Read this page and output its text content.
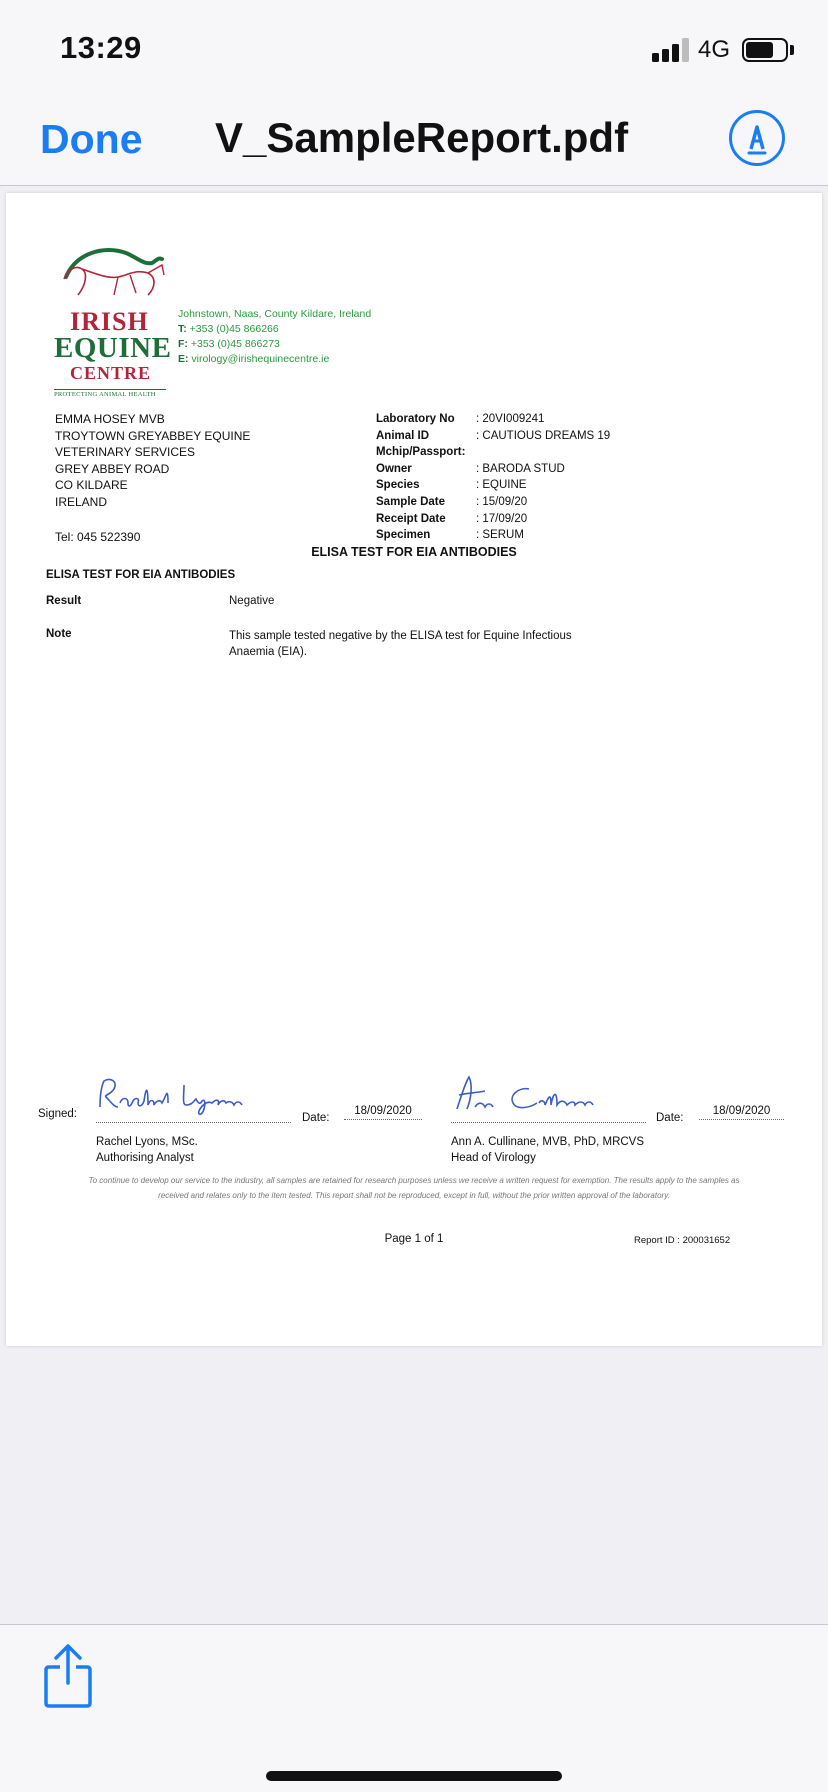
13:29	4G
Done V_SampleReport.pdf
IRISH
EQUINE
CENTRE
PROTECTING ANIMAL HEALTH
Johnstown, Naas, County Kildare, Ireland
T: +353 (0)45 866266
F: +353 (0)45 866273
E: virology@irishequinecentre.ie
EMMA HOSEY MVB
TROYTOWN GREYABBEY EQUINE
VETERINARY SERVICES
GREY ABBEY ROAD
CO KILDARE
IRELAND
Tel: 045 522390
Laboratory No	: 20VI009241
Animal ID	: CAUTIOUS DREAMS 19
Mchip/Passport:
Owner	: BARODA STUD
Species	: EQUINE
Sample Date	: 15/09/20
Receipt Date	: 17/09/20
Specimen	: SERUM
ELISA TEST FOR EIA ANTIBODIES
ELISA TEST FOR EIA ANTIBODIES
Result	Negative
Note	This sample tested negative by the ELISA test for Equine Infectious Anaemia (EIA).
Signed:	Date:
18/09/2020
Date:
18/09/2020
Rachel Lyons, MSc.
Authorising Analyst
Ann A. Cullinane, MVB, PhD, MRCVS
Head of Virology
To continue to develop our service to the industry, all samples are retained for research purposes unless we receive a written request for exemption. The results apply to the samples as received and relates only to the item tested. This report shall not be reproduced, except in full, without the prior written approval of the laboratory.
Page 1 of 1	Report ID : 200031652
